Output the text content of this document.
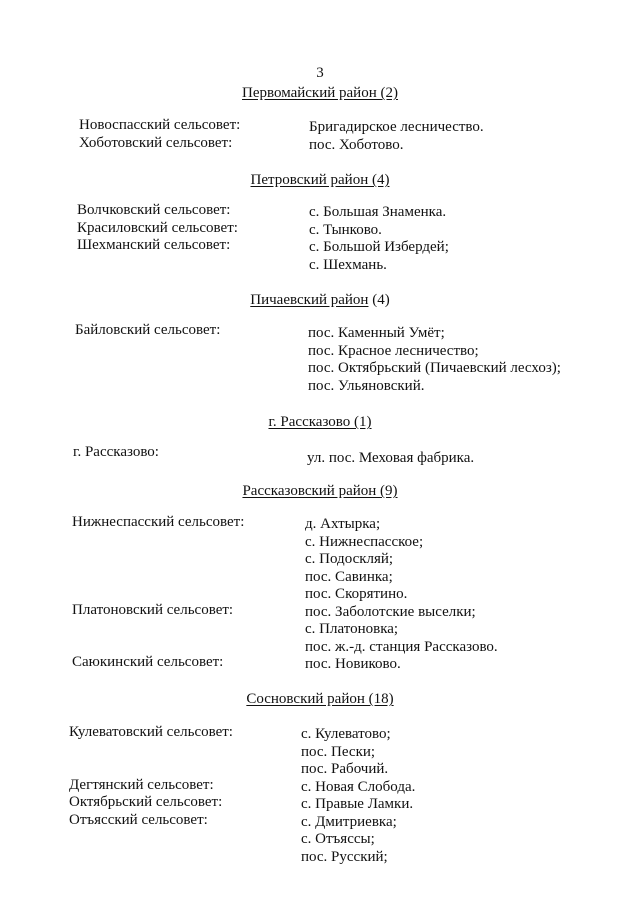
3
Первомайский район (2)
Новоспасский сельсовет:
Хоботовский сельсовет:
Бригадирское лесничество.
пос. Хоботово.
Петровский район (4)
Волчковский сельсовет:
Красиловский сельсовет:
Шехманский сельсовет:
с. Большая Знаменка.
с. Тынково.
с. Большой Избердей;
с. Шехмань.
Пичаевский район (4)
Байловский сельсовет:	пос. Каменный Умёт;
пос. Красное лесничество;
пос. Октябрьский (Пичаевский лесхоз);
пос. Ульяновский.
г. Рассказово (1)
г. Рассказово:	ул. пос. Меховая фабрика.
Рассказовский район (9)
Нижнеспасский сельсовет:
Платоновский сельсовет:
Саюкинский сельсовет:
д. Ахтырка;
с. Нижнеспасское;
с. Подоскляй;
пос. Савинка;
пос. Скорятино.
пос. Заболотские выселки;
с. Платоновка;
пос. ж.-д. станция Рассказово.
пос. Новиково.
Сосновский район (18)
Кулеватовский сельсовет:
Дегтянский сельсовет:
Октябрьский сельсовет:
Отъясский сельсовет:
с. Кулеватово;
пос. Пески;
пос. Рабочий.
с. Новая Слобода.
с. Правые Ламки.
с. Дмитриевка;
с. Отъяссы;
пос. Русский;
